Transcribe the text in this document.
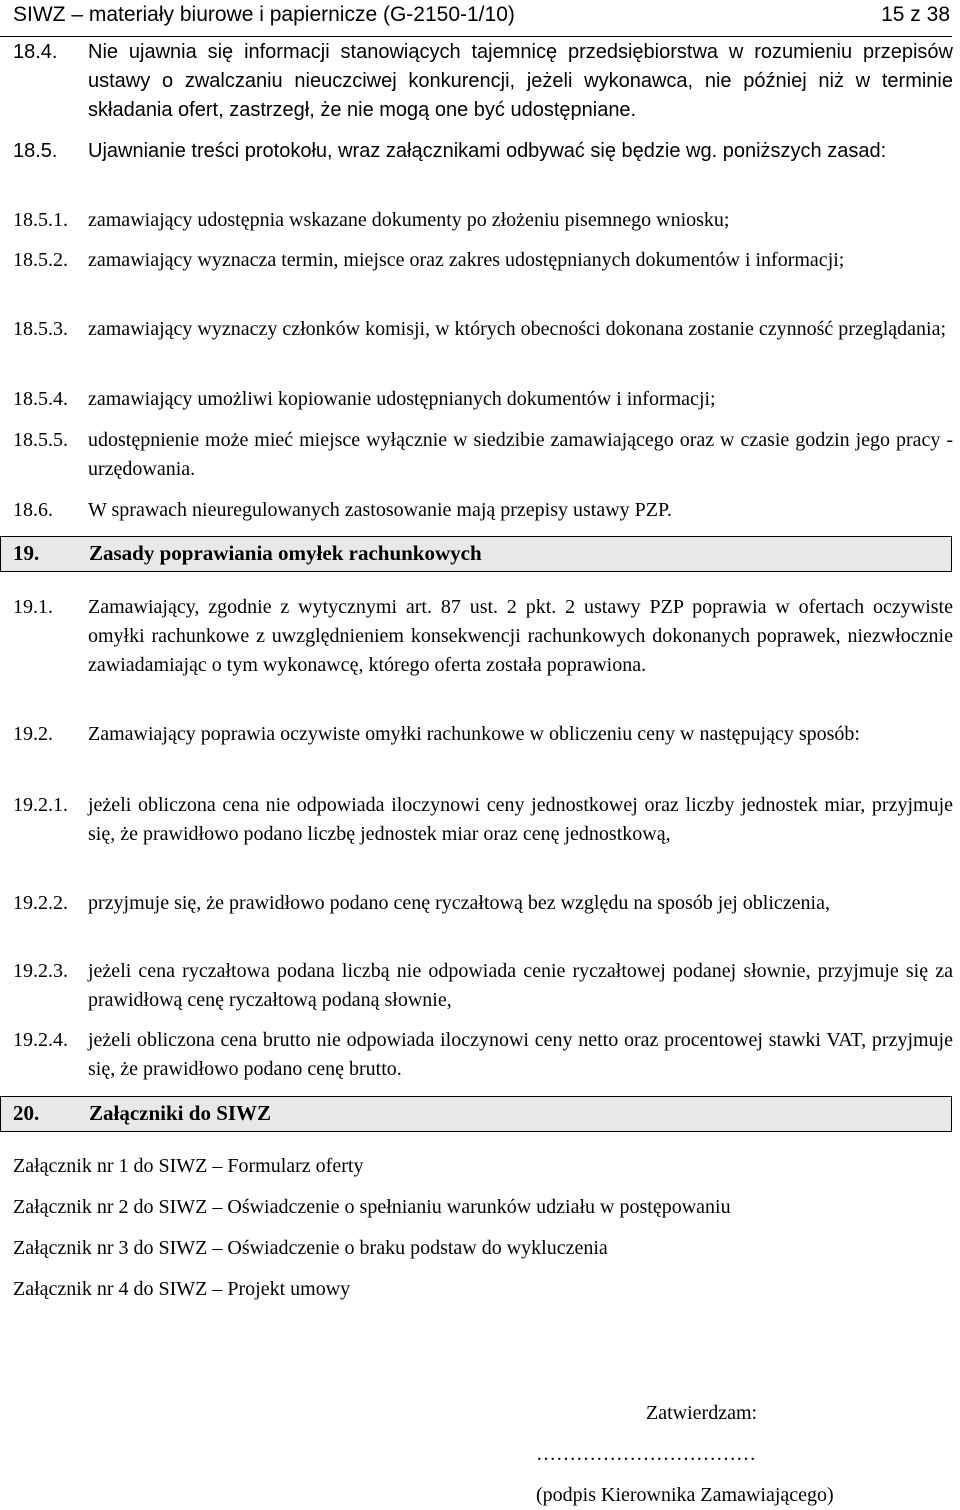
SIWZ – materiały biurowe i papiernicze (G-2150-1/10)	15 z 38
18.4. Nie ujawnia się informacji stanowiących tajemnicę przedsiębiorstwa w rozumieniu przepisów ustawy o zwalczaniu nieuczciwej konkurencji, jeżeli wykonawca, nie później niż w terminie składania ofert, zastrzegł, że nie mogą one być udostępniane.
18.5. Ujawnianie treści protokołu, wraz załącznikami odbywać się będzie wg. poniższych zasad:
18.5.1. zamawiający udostępnia wskazane dokumenty po złożeniu pisemnego wniosku;
18.5.2. zamawiający wyznacza termin, miejsce oraz zakres udostępnianych dokumentów i informacji;
18.5.3. zamawiający wyznaczy członków komisji, w których obecności dokonana zostanie czynność przeglądania;
18.5.4. zamawiający umożliwi kopiowanie udostępnianych dokumentów i informacji;
18.5.5. udostępnienie może mieć miejsce wyłącznie w siedzibie zamawiającego oraz w czasie godzin jego pracy - urzędowania.
18.6. W sprawach nieuregulowanych zastosowanie mają przepisy ustawy PZP.
19. Zasady poprawiania omyłek rachunkowych
19.1. Zamawiający, zgodnie z wytycznymi art. 87 ust. 2 pkt. 2 ustawy PZP poprawia w ofertach oczywiste omyłki rachunkowe z uwzględnieniem konsekwencji rachunkowych dokonanych poprawek, niezwłocznie zawiadamiając o tym wykonawcę, którego oferta została poprawiona.
19.2. Zamawiający poprawia oczywiste omyłki rachunkowe w obliczeniu ceny w następujący sposób:
19.2.1. jeżeli obliczona cena nie odpowiada iloczynowi ceny jednostkowej oraz liczby jednostek miar, przyjmuje się, że prawidłowo podano liczbę jednostek miar oraz cenę jednostkową,
19.2.2. przyjmuje się, że prawidłowo podano cenę ryczałtową bez względu na sposób jej obliczenia,
19.2.3. jeżeli cena ryczałtowa podana liczbą nie odpowiada cenie ryczałtowej podanej słownie, przyjmuje się za prawidłową cenę ryczałtową podaną słownie,
19.2.4. jeżeli obliczona cena brutto nie odpowiada iloczynowi ceny netto oraz procentowej stawki VAT, przyjmuje się, że prawidłowo podano cenę brutto.
20. Załączniki do SIWZ
Załącznik nr 1 do SIWZ – Formularz oferty
Załącznik nr 2 do SIWZ – Oświadczenie o spełnianiu warunków udziału w postępowaniu
Załącznik nr 3 do SIWZ – Oświadczenie o braku podstaw do wykluczenia
Załącznik nr 4 do SIWZ – Projekt umowy
Zatwierdzam:
……………………………
(podpis Kierownika Zamawiającego)
